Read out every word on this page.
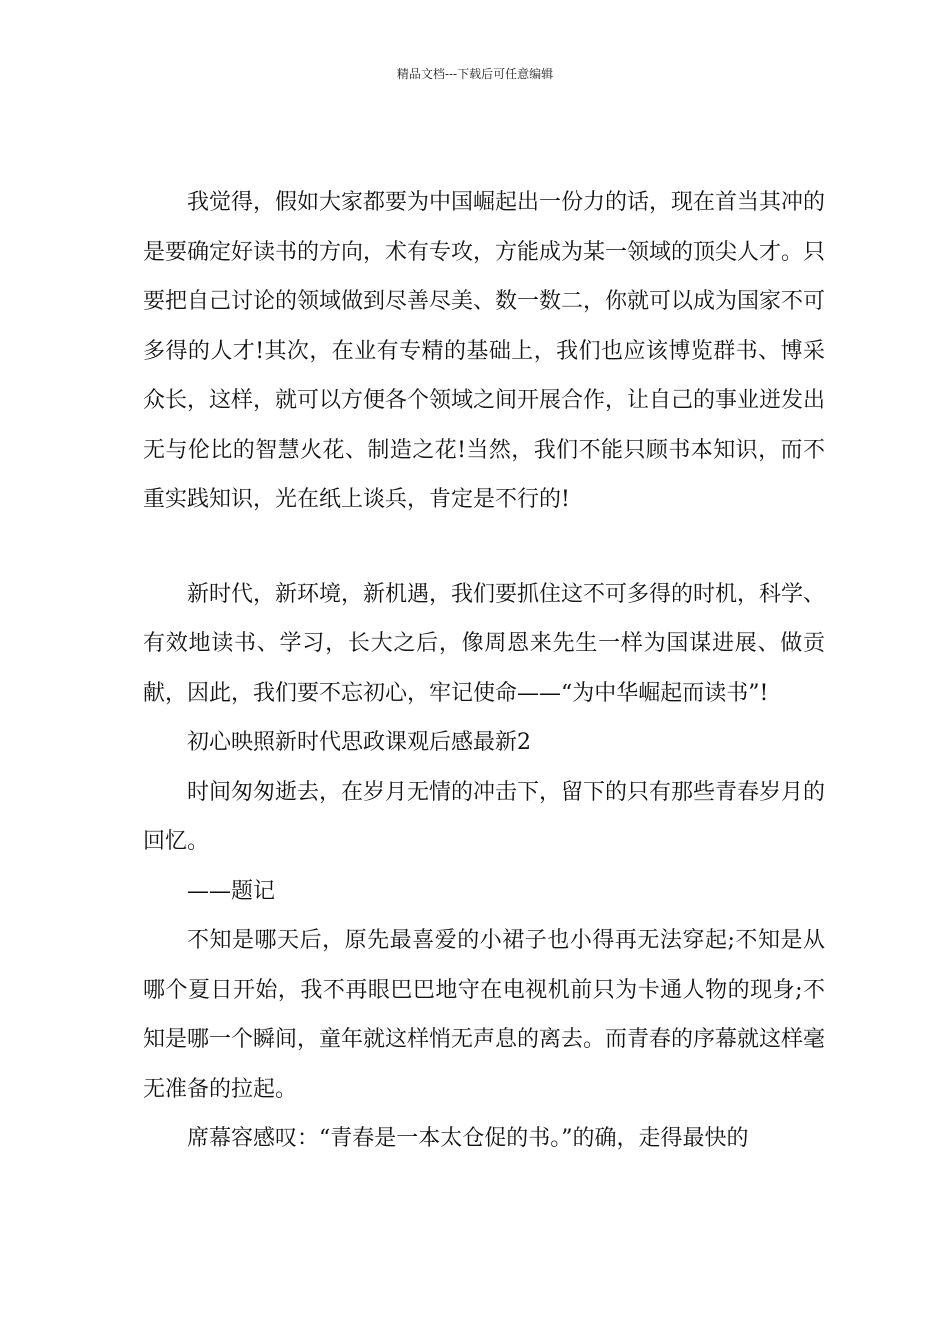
精品文档---下载后可任意编辑

我觉得，假如大家都要为中国崛起出一份力的话，现在首当其冲的是要确定好读书的方向，术有专攻，方能成为某一领域的顶尖人才。只要把自己讨论的领域做到尽善尽美、数一数二，你就可以成为国家不可多得的人才!其次，在业有专精的基础上，我们也应该博览群书、博采众长，这样，就可以方便各个领域之间开展合作，让自己的事业迸发出无与伦比的智慧火花、制造之花!当然，我们不能只顾书本知识，而不重实践知识，光在纸上谈兵，肯定是不行的!

新时代，新环境，新机遇，我们要抓住这不可多得的时机，科学、有效地读书、学习，长大之后，像周恩来先生一样为国谋进展、做贡献，因此，我们要不忘初心，牢记使命——“为中华崛起而读书”!

初心映照新时代思政课观后感最新2

时间匆匆逝去，在岁月无情的冲击下，留下的只有那些青春岁月的回忆。

——题记

不知是哪天后，原先最喜爱的小裙子也小得再无法穿起;不知是从哪个夏日开始，我不再眼巴巴地守在电视机前只为卡通人物的现身;不知是哪一个瞬间，童年就这样悄无声息的离去。而青春的序幕就这样毫无准备的拉起。

席幕容感叹：“青春是一本太仓促的书。”的确，走得最快的
